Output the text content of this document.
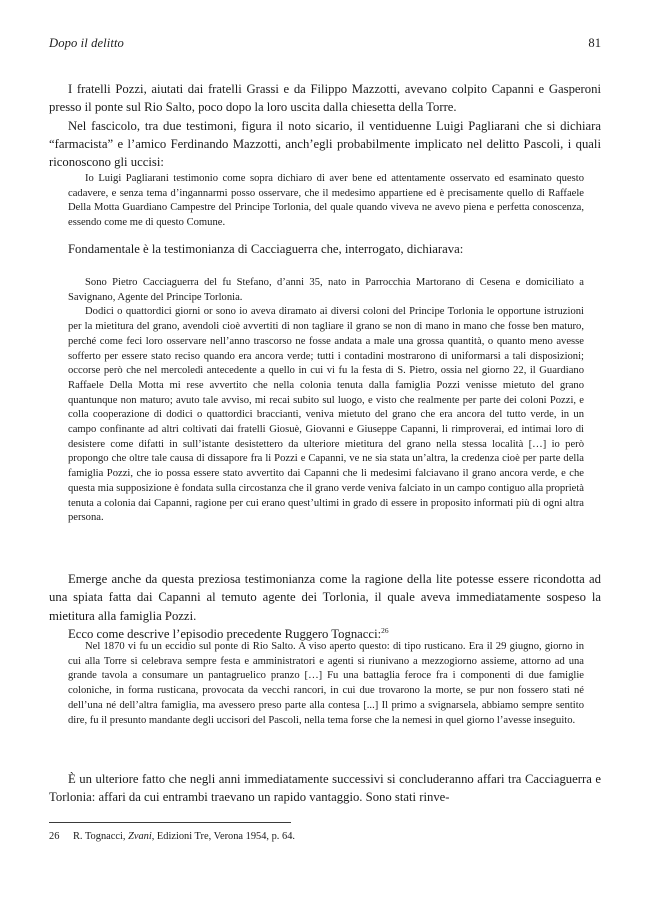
Dopo il delitto	81

I fratelli Pozzi, aiutati dai fratelli Grassi e da Filippo Mazzotti, avevano colpito Capanni e Gasperoni presso il ponte sul Rio Salto, poco dopo la loro uscita dalla chiesetta della Torre.

Nel fascicolo, tra due testimoni, figura il noto sicario, il ventiduenne Luigi Pagliarani che si dichiara “farmacista” e l’amico Ferdinando Mazzotti, anch’egli probabilmente implicato nel delitto Pascoli, i quali riconoscono gli uccisi:

Io Luigi Pagliarani testimonio come sopra dichiaro di aver bene ed attentamente osservato ed esaminato questo cadavere, e senza tema d’ingannarmi posso osservare, che il medesimo appartiene ed è precisamente quello di Raffaele Della Motta Guardiano Campestre del Principe Torlonia, del quale quando viveva ne avevo piena e perfetta conoscenza, essendo come me di questo Comune.

Fondamentale è la testimonianza di Cacciaguerra che, interrogato, dichiarava:

Sono Pietro Cacciaguerra del fu Stefano, d’anni 35, nato in Parrocchia Martorano di Cesena e domiciliato a Savignano, Agente del Principe Torlonia.

Dodici o quattordici giorni or sono io aveva diramato ai diversi coloni del Principe Torlonia le opportune istruzioni per la mietitura del grano, avendoli cioè avvertiti di non tagliare il grano se non di mano in mano che fosse ben maturo, perché come feci loro osservare nell’anno trascorso ne fosse andata a male una grossa quantità, o quanto meno avesse sofferto per essere stato reciso quando era ancora verde; tutti i contadini mostrarono di uniformarsi a tali disposizioni; occorse però che nel mercoledì antecedente a quello in cui vi fu la festa di S. Pietro, ossia nel giorno 22, il Guardiano Raffaele Della Motta mi rese avvertito che nella colonia tenuta dalla famiglia Pozzi venisse mietuto del grano quantunque non maturo; avuto tale avviso, mi recai subito sul luogo, e visto che realmente per parte dei coloni Pozzi, e colla cooperazione di dodici o quattordici braccianti, veniva mietuto del grano che era ancora del tutto verde, in un campo confinante ad altri coltivati dai fratelli Giosuè, Giovanni e Giuseppe Capanni, li rimproverai, ed intimai loro di desistere come difatti in sull’istante desistettero da ulteriore mietitura del grano nella stessa località […] io però propongo che oltre tale causa di dissapore fra li Pozzi e Capanni, ve ne sia stata un’altra, la credenza cioè per parte della famiglia Pozzi, che io possa essere stato avvertito dai Capanni che li medesimi falciavano il grano ancora verde, e che questa mia supposizione è fondata sulla circostanza che il grano verde veniva falciato in un campo contiguo alla proprietà tenuta a colonia dai Capanni, ragione per cui erano quest’ultimi in grado di essere in proposito informati più di ogni altra persona.

Emerge anche da questa preziosa testimonianza come la ragione della lite potesse essere ricondotta ad una spiata fatta dai Capanni al temuto agente dei Torlonia, il quale aveva immediatamente sospeso la mietitura alla famiglia Pozzi.

Ecco come descrive l’episodio precedente Ruggero Tognacci:$^{26}$

Nel 1870 vi fu un eccidio sul ponte di Rio Salto. A viso aperto questo: di tipo rusticano. Era il 29 giugno, giorno in cui alla Torre si celebrava sempre festa e amministratori e agenti si riunivano a mezzogiorno assieme, attorno ad una grande tavola a consumare un pantagruelico pranzo […] Fu una battaglia feroce fra i componenti di due famiglie coloniche, in forma rusticana, provocata da vecchi rancori, in cui due trovarono la morte, se pur non fossero stati né dell’una né dell’altra famiglia, ma avessero preso parte alla contesa [...] Il primo a svignarsela, abbiamo sempre sentito dire, fu il presunto mandante degli uccisori del Pascoli, nella tema forse che la nemesi in quel giorno l’avesse inseguito.

È un ulteriore fatto che negli anni immediatamente successivi si concluderanno affari tra Cacciaguerra e Torlonia: affari da cui entrambi traevano un rapido vantaggio. Sono stati rinve-

26	R. Tognacci, Zvani, Edizioni Tre, Verona 1954, p. 64.
